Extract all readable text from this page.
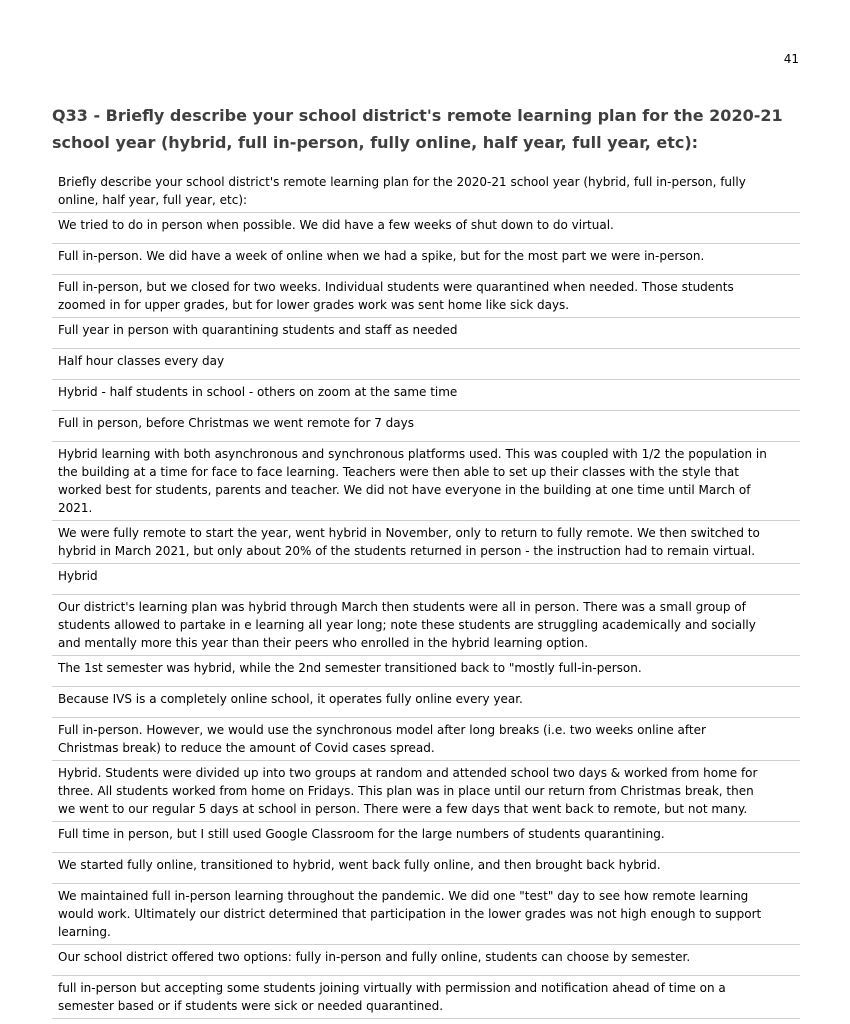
41
Q33 - Briefly describe your school district's remote learning plan for the 2020-21 school year (hybrid, full in-person, fully online, half year, full year, etc):
Briefly describe your school district's remote learning plan for the 2020-21 school year (hybrid, full in-person, fully
online, half year, full year, etc):
We tried to do in person when possible. We did have a few weeks of shut down to do virtual.
Full in-person. We did have a week of online when we had a spike, but for the most part we were in-person.
Full in-person, but we closed for two weeks. Individual students were quarantined when needed. Those students
zoomed in for upper grades, but for lower grades work was sent home like sick days.
Full year in person with quarantining students and staff as needed
Half hour classes every day
Hybrid - half students in school - others on zoom at the same time
Full in person, before Christmas we went remote for 7 days
Hybrid learning with both asynchronous and synchronous platforms used. This was coupled with 1/2 the population in
the building at a time for face to face learning. Teachers were then able to set up their classes with the style that
worked best for students, parents and teacher. We did not have everyone in the building at one time until March of
2021.
We were fully remote to start the year, went hybrid in November, only to return to fully remote. We then switched to
hybrid in March 2021, but only about 20% of the students returned in person - the instruction had to remain virtual.
Hybrid
Our district's learning plan was hybrid through March then students were all in person. There was a small group of
students allowed to partake in e learning all year long; note these students are struggling academically and socially
and mentally more this year than their peers who enrolled in the hybrid learning option.
The 1st semester was hybrid, while the 2nd semester transitioned back to "mostly full-in-person.
Because IVS is a completely online school, it operates fully online every year.
Full in-person. However, we would use the synchronous model after long breaks (i.e. two weeks online after
Christmas break) to reduce the amount of Covid cases spread.
Hybrid. Students were divided up into two groups at random and attended school two days & worked from home for
three. All students worked from home on Fridays. This plan was in place until our return from Christmas break, then
we went to our regular 5 days at school in person. There were a few days that went back to remote, but not many.
Full time in person, but I still used Google Classroom for the large numbers of students quarantining.
We started fully online, transitioned to hybrid, went back fully online, and then brought back hybrid.
We maintained full in-person learning throughout the pandemic. We did one "test" day to see how remote learning
would work. Ultimately our district determined that participation in the lower grades was not high enough to support
learning.
Our school district offered two options: fully in-person and fully online, students can choose by semester.
full in-person but accepting some students joining virtually with permission and notification ahead of time on a
semester based or if students were sick or needed quarantined.
